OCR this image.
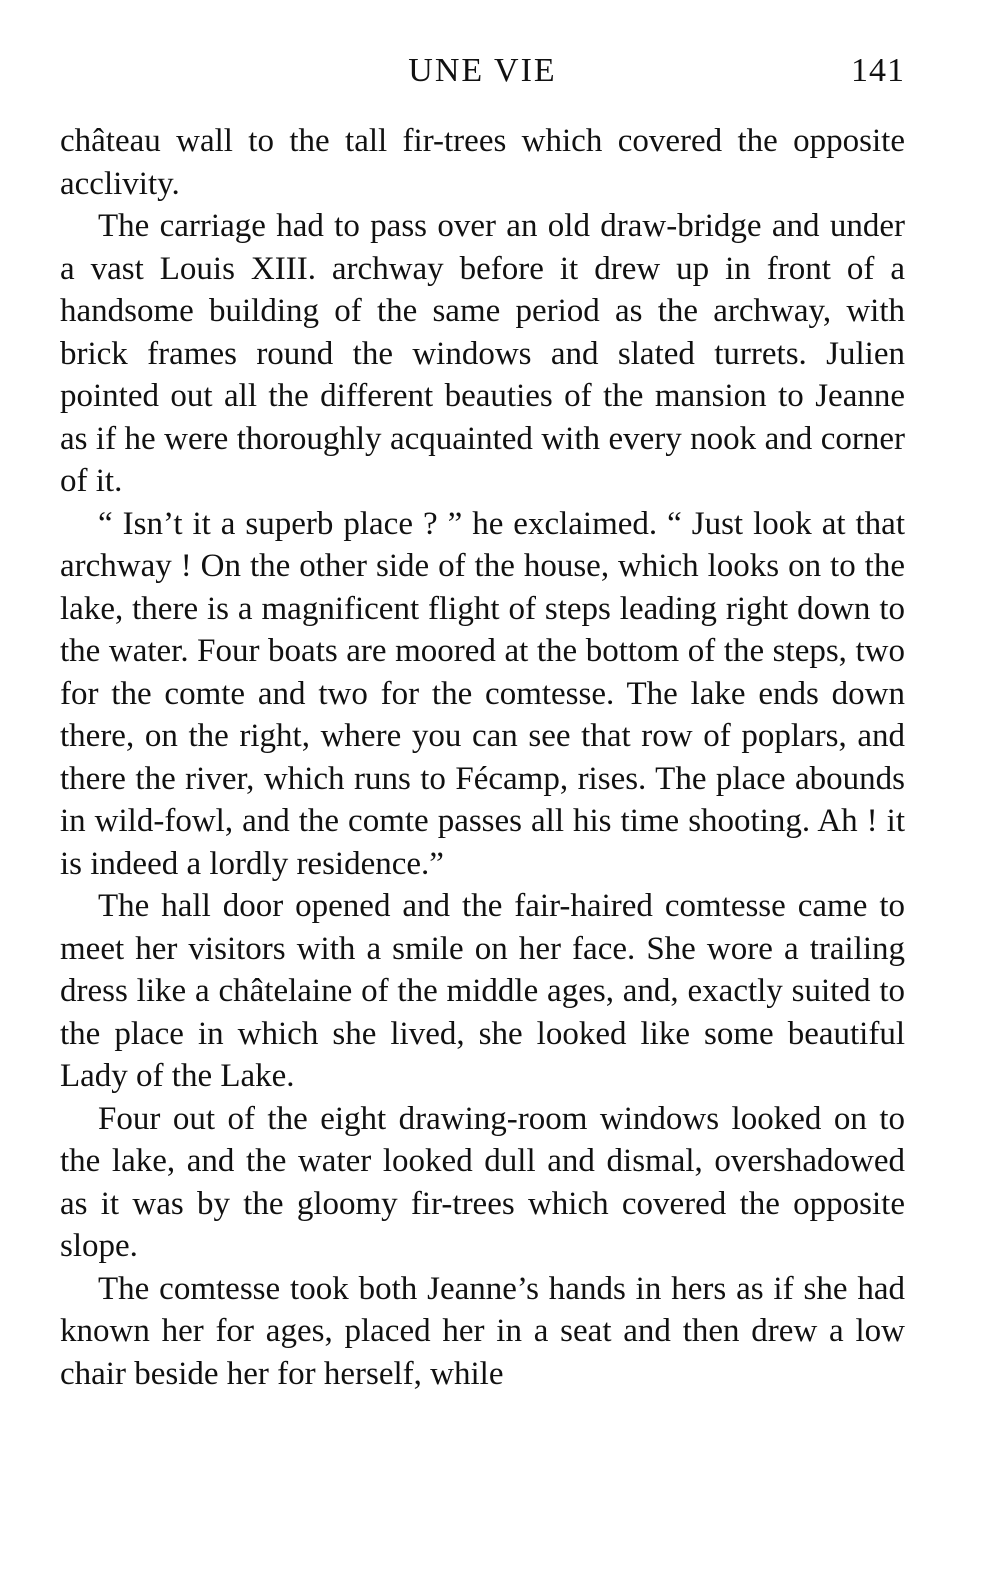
UNE VIE	141

château wall to the tall fir-trees which covered the opposite acclivity.

The carriage had to pass over an old draw-bridge and under a vast Louis XIII. archway before it drew up in front of a handsome building of the same period as the archway, with brick frames round the windows and slated turrets. Julien pointed out all the different beauties of the mansion to Jeanne as if he were thoroughly acquainted with every nook and corner of it.

“ Isn’t it a superb place ? ” he exclaimed. “ Just look at that archway ! On the other side of the house, which looks on to the lake, there is a magnificent flight of steps leading right down to the water. Four boats are moored at the bottom of the steps, two for the comte and two for the comtesse. The lake ends down there, on the right, where you can see that row of poplars, and there the river, which runs to Fécamp, rises. The place abounds in wild-fowl, and the comte passes all his time shooting. Ah ! it is indeed a lordly residence.”

The hall door opened and the fair-haired comtesse came to meet her visitors with a smile on her face. She wore a trailing dress like a châtelaine of the middle ages, and, exactly suited to the place in which she lived, she looked like some beautiful Lady of the Lake.

Four out of the eight drawing-room windows looked on to the lake, and the water looked dull and dismal, overshadowed as it was by the gloomy fir-trees which covered the opposite slope.

The comtesse took both Jeanne’s hands in hers as if she had known her for ages, placed her in a seat and then drew a low chair beside her for herself, while
